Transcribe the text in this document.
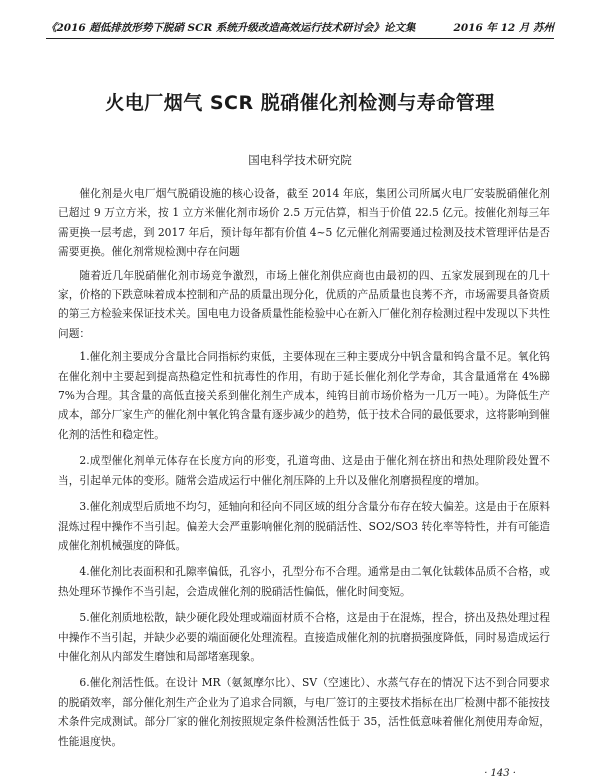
《2016 超低排放形势下脱硝 SCR 系统升级改造高效运行技术研讨会》论文集	2016 年 12 月 苏州
火电厂烟气 SCR 脱硝催化剂检测与寿命管理
国电科学技术研究院

催化剂是火电厂烟气脱硝设施的核心设备，截至 2014 年底，集团公司所属火电厂安装脱硝催化剂已超过 9 万立方米，按 1 立方米催化剂市场价 2.5 万元估算，相当于价值 22.5 亿元。按催化剂每三年需更换一层考虑，到 2017 年后，预计每年都有价值 4~5 亿元催化剂需要通过检测及技术管理评估是否需要更换。催化剂常规检测中存在问题

随着近几年脱硝催化剂市场竞争激烈，市场上催化剂供应商也由最初的四、五家发展到现在的几十家，价格的下跌意味着成本控制和产品的质量出现分化，优质的产品质量也良莠不齐，市场需要具备资质的第三方检验来保证技术关。国电电力设备质量性能检验中心在新入厂催化剂存检测过程中发现以下共性问题：

1.催化剂主要成分含量比合同指标约束低，主要体现在三种主要成分中钒含量和钨含量不足。氧化钨在催化剂中主要起到提高热稳定性和抗毒性的作用，有助于延长催化剂化学寿命，其含量通常在 4%睇 7%为合理。其含量的高低直接关系到催化剂生产成本，纯钨目前市场价格为一几万一吨）。为降低生产成本，部分厂家生产的催化剂中氧化钨含量有逐步减少的趋势，低于技术合同的最低要求，这将影响到催化剂的活性和稳定性。

2.成型催化剂单元体存在长度方向的形变，孔道弯曲、这是由于催化剂在挤出和热处理阶段处置不当，引起单元体的变形。随常会造成运行中催化剂压降的上升以及催化剂磨损程度的增加。

3.催化剂成型后质地不均匀，延轴向和径向不同区域的组分含量分布存在较大偏差。这是由于在原料混炼过程中操作不当引起。偏差大会严重影响催化剂的脱硝活性、SO2/SO3 转化率等特性，并有可能造成催化剂机械强度的降低。

4.催化剂比表面积和孔隙率偏低，孔容小，孔型分布不合理。通常是由二氧化钛载体品质不合格，或热处理环节操作不当引起，会造成催化剂的脱硝活性偏低，催化时间变短。

5.催化剂质地松散，缺少硬化段处理或端面材质不合格，这是由于在混炼，捏合，挤出及热处理过程中操作不当引起，并缺少必要的端面硬化处理流程。直接造成催化剂的抗磨损强度降低，同时易造成运行中催化剂从内部发生磨蚀和局部堵塞现象。

6.催化剂活性低。在设计 MR（氨氮摩尔比）、SV（空速比）、水蒸气存在的情况下达不到合同要求的脱硝效率，部分催化剂生产企业为了追求合同额，与电厂签订的主要技术指标在出厂检测中都不能按技术条件完成测试。部分厂家的催化剂按照规定条件检测活性低于 35，活性低意味着催化剂使用寿命短，性能退度快。

· 143 ·
